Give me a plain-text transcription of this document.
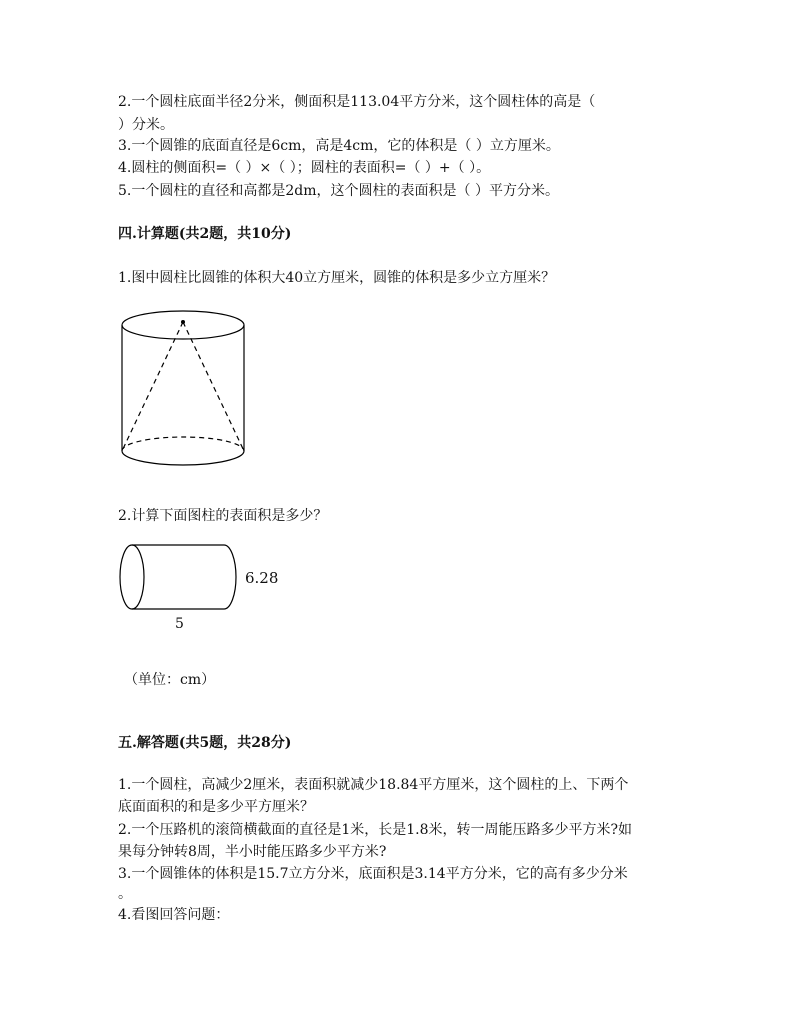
2.一个圆柱底面半径2分米，侧面积是113.04平方分米，这个圆柱体的高是（
）分米。
3.一个圆锥的底面直径是6cm，高是4cm，它的体积是（ ）立方厘米。
4.圆柱的侧面积=（ ）×（ ）；圆柱的表面积=（ ）+（ ）。
5.一个圆柱的直径和高都是2dm，这个圆柱的表面积是（ ）平方分米。
四.计算题(共2题，共10分)
1.图中圆柱比圆锥的体积大40立方厘米，圆锥的体积是多少立方厘米？
2.计算下面图柱的表面积是多少？
6.28
5
（单位：cm）
五.解答题(共5题，共28分)
1.一个圆柱，高减少2厘米，表面积就减少18.84平方厘米，这个圆柱的上、下两个
底面面积的和是多少平方厘米？
2.一个压路机的滚筒横截面的直径是1米，长是1.8米，转一周能压路多少平方米?如
果每分钟转8周，半小时能压路多少平方米?
3.一个圆锥体的体积是15.7立方分米，底面积是3.14平方分米，它的高有多少分米
。
4.看图回答问题：
